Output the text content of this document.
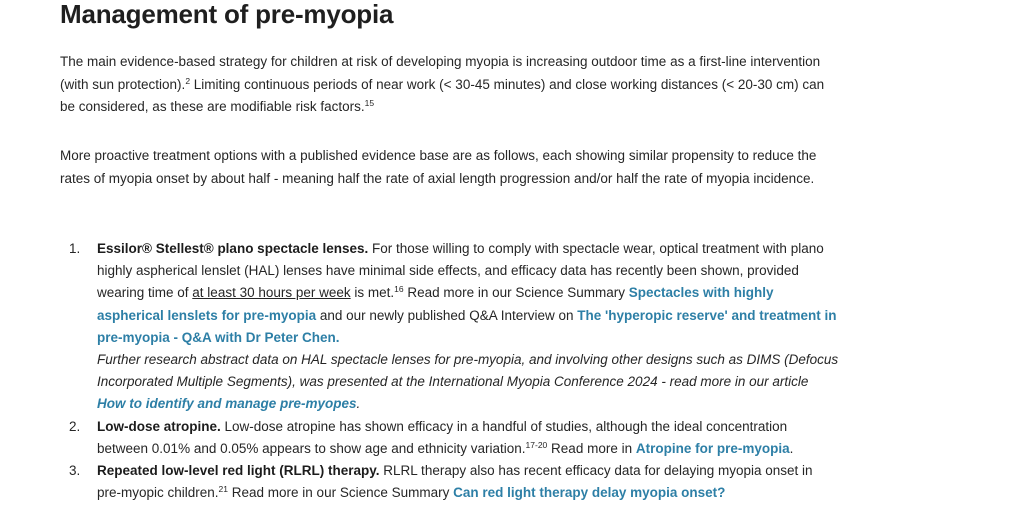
Management of pre-myopia

The main evidence-based strategy for children at risk of developing myopia is increasing outdoor time as a first-line intervention (with sun protection).$^2$ Limiting continuous periods of near work (< 30-45 minutes) and close working distances (< 20-30 cm) can be considered, as these are modifiable risk factors.$^{15}$

More proactive treatment options with a published evidence base are as follows, each showing similar propensity to reduce the rates of myopia onset by about half - meaning half the rate of axial length progression and/or half the rate of myopia incidence.

1. Essilor® Stellest® plano spectacle lenses. For those willing to comply with spectacle wear, optical treatment with plano highly aspherical lenslet (HAL) lenses have minimal side effects, and efficacy data has recently been shown, provided wearing time of at least 30 hours per week is met.$^{16}$ Read more in our Science Summary Spectacles with highly aspherical lenslets for pre-myopia and our newly published Q&A Interview on The 'hyperopic reserve' and treatment in pre-myopia - Q&A with Dr Peter Chen.
Further research abstract data on HAL spectacle lenses for pre-myopia, and involving other designs such as DIMS (Defocus Incorporated Multiple Segments), was presented at the International Myopia Conference 2024 - read more in our article How to identify and manage pre-myopes.
2. Low-dose atropine. Low-dose atropine has shown efficacy in a handful of studies, although the ideal concentration between 0.01% and 0.05% appears to show age and ethnicity variation.$^{17-20}$ Read more in Atropine for pre-myopia.
3. Repeated low-level red light (RLRL) therapy. RLRL therapy also has recent efficacy data for delaying myopia onset in pre-myopic children.$^{21}$ Read more in our Science Summary Can red light therapy delay myopia onset?
